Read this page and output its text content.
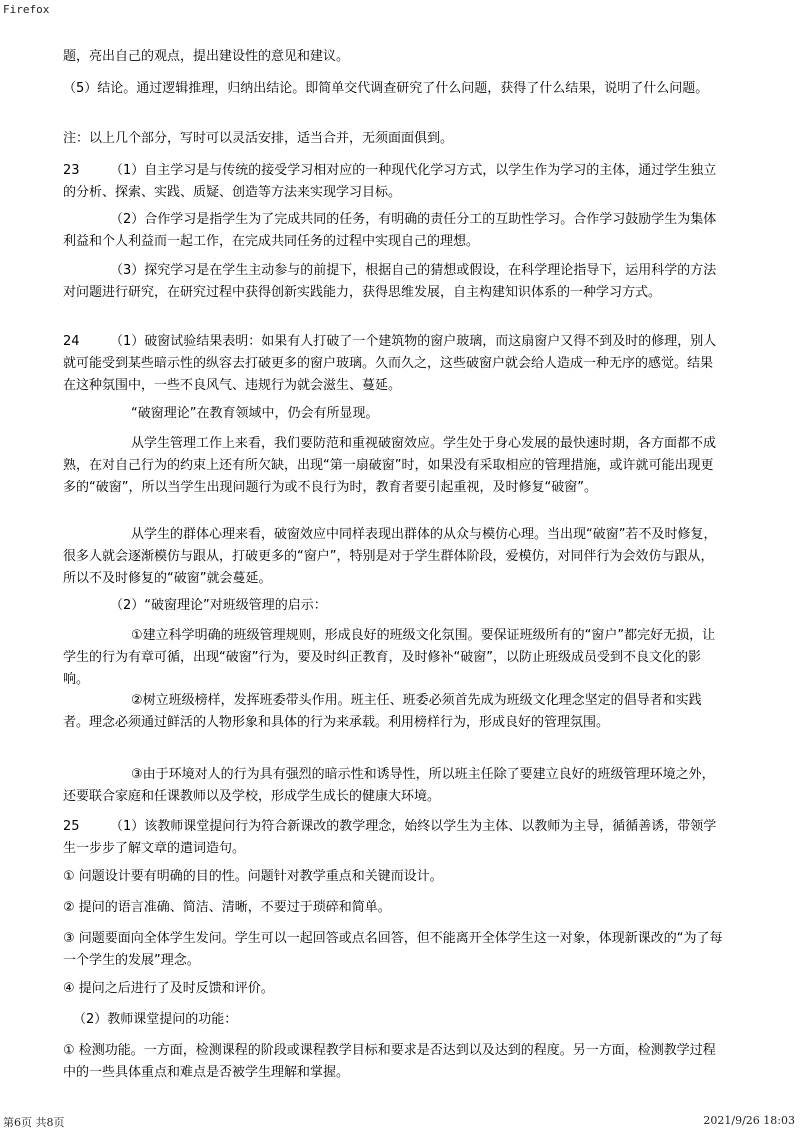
Firefox

题，亮出自己的观点，提出建设性的意见和建议。

（5）结论。通过逻辑推理，归纳出结论。即简单交代调查研究了什么问题，获得了什么结果，说明了什么问题。

注：以上几个部分，写时可以灵活安排，适当合并，无须面面俱到。

23	（1）自主学习是与传统的接受学习相对应的一种现代化学习方式，以学生作为学习的主体，通过学生独立的分析、探索、实践、质疑、创造等方法来实现学习目标。

（2）合作学习是指学生为了完成共同的任务，有明确的责任分工的互助性学习。合作学习鼓励学生为集体利益和个人利益而一起工作，在完成共同任务的过程中实现自己的理想。

（3）探究学习是在学生主动参与的前提下，根据自己的猜想或假设，在科学理论指导下，运用科学的方法对问题进行研究，在研究过程中获得创新实践能力，获得思维发展，自主构建知识体系的一种学习方式。

24	（1）破窗试验结果表明：如果有人打破了一个建筑物的窗户玻璃，而这扇窗户又得不到及时的修理，别人就可能受到某些暗示性的纵容去打破更多的窗户玻璃。久而久之，这些破窗户就会给人造成一种无序的感觉。结果在这种氛围中，一些不良风气、违规行为就会滋生、蔓延。

“破窗理论”在教育领域中，仍会有所显现。

从学生管理工作上来看，我们要防范和重视破窗效应。学生处于身心发展的最快速时期，各方面都不成熟，在对自己行为的约束上还有所欠缺，出现“第一扇破窗”时，如果没有采取相应的管理措施，或许就可能出现更多的“破窗”，所以当学生出现问题行为或不良行为时，教育者要引起重视，及时修复“破窗”。

从学生的群体心理来看，破窗效应中同样表现出群体的从众与模仿心理。当出现“破窗”若不及时修复，很多人就会逐渐模仿与跟从，打破更多的“窗户”，特别是对于学生群体阶段，爱模仿，对同伴行为会效仿与跟从，所以不及时修复的“破窗”就会蔓延。

（2）“破窗理论”对班级管理的启示：

①建立科学明确的班级管理规则，形成良好的班级文化氛围。要保证班级所有的“窗户”都完好无损，让学生的行为有章可循，出现“破窗”行为，要及时纠正教育，及时修补“破窗”，以防止班级成员受到不良文化的影响。

②树立班级榜样，发挥班委带头作用。班主任、班委必须首先成为班级文化理念坚定的倡导者和实践者。理念必须通过鲜活的人物形象和具体的行为来承载。利用榜样行为，形成良好的管理氛围。

③由于环境对人的行为具有强烈的暗示性和诱导性，所以班主任除了要建立良好的班级管理环境之外，还要联合家庭和任课教师以及学校，形成学生成长的健康大环境。

25	（1）该教师课堂提问行为符合新课改的教学理念，始终以学生为主体、以教师为主导，循循善诱，带领学生一步步了解文章的遣词造句。

① 问题设计要有明确的目的性。问题针对教学重点和关键而设计。

② 提问的语言准确、简洁、清晰，不要过于琐碎和简单。

③ 问题要面向全体学生发问。学生可以一起回答或点名回答，但不能离开全体学生这一对象，体现新课改的“为了每一个学生的发展”理念。

④ 提问之后进行了及时反馈和评价。

（2）教师课堂提问的功能：

① 检测功能。一方面，检测课程的阶段或课程教学目标和要求是否达到以及达到的程度。另一方面，检测教学过程中的一些具体重点和难点是否被学生理解和掌握。

第6页 共8页	2021/9/26 18:03
